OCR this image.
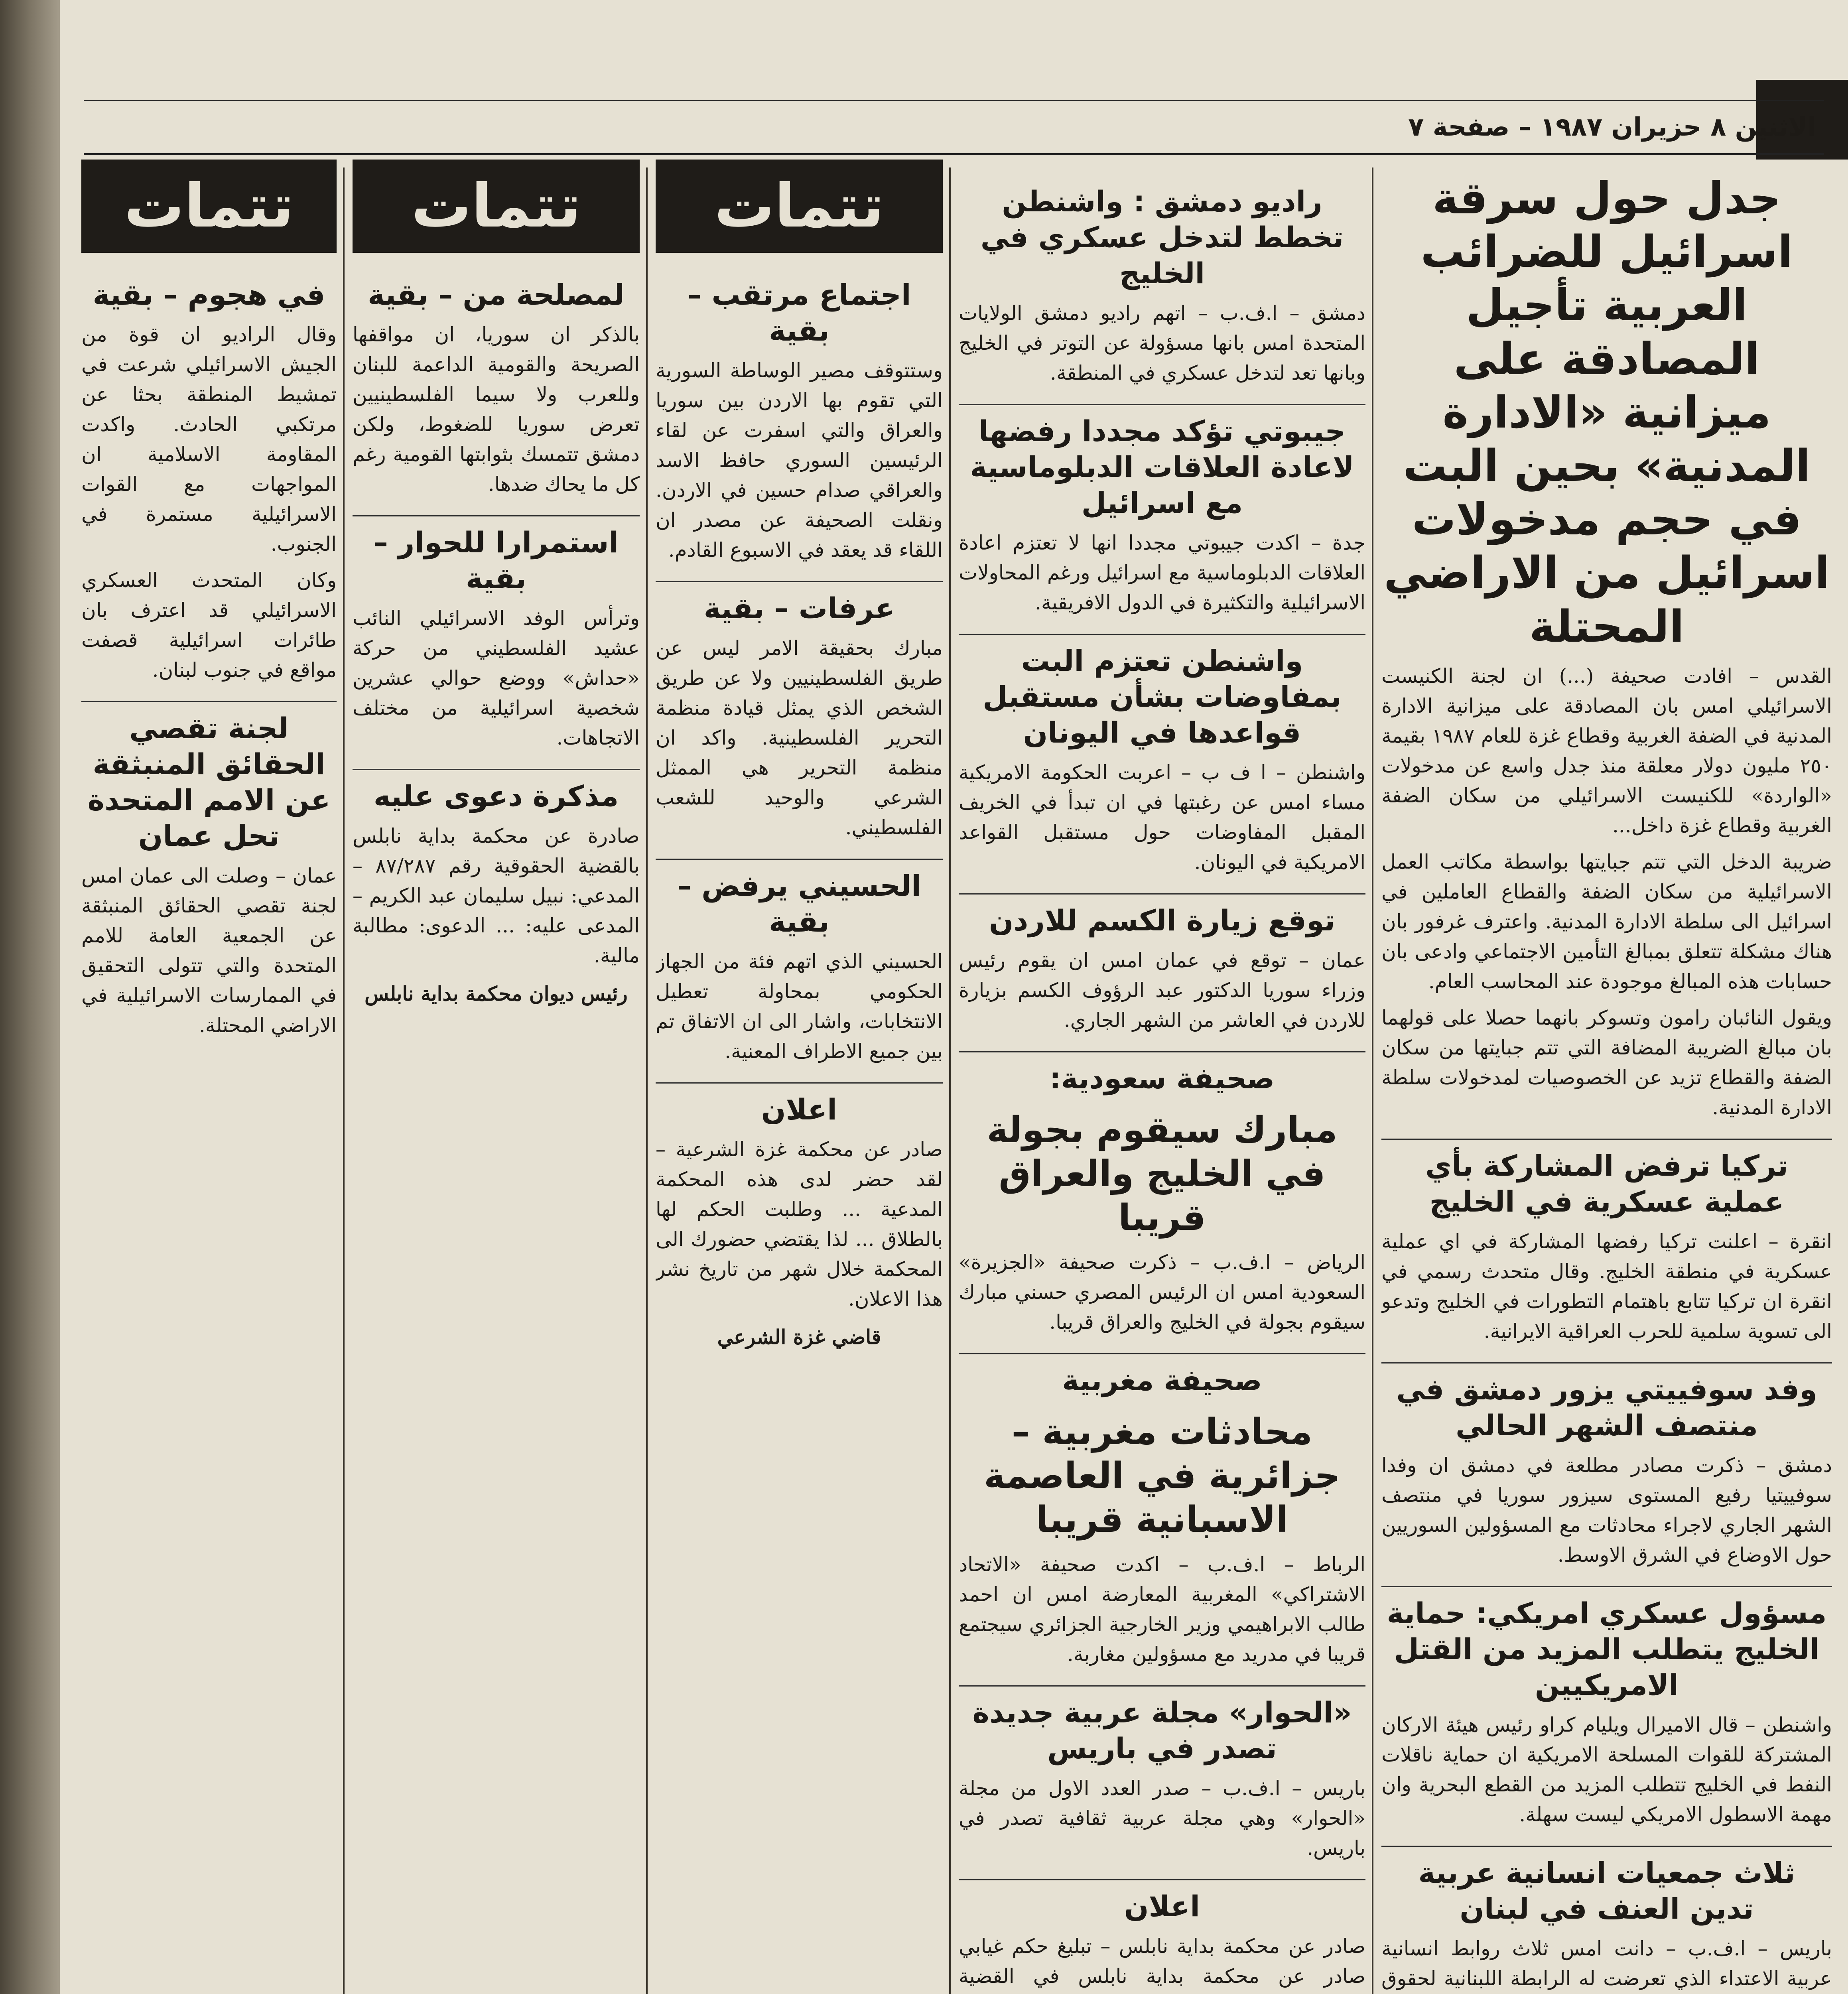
الاثنين ٨ حزيران ١٩٨٧ – صفحة ٧
جدل حول سرقة اسرائيل للضرائب العربية تأجيل المصادقة على ميزانية «الادارة المدنية» بحين البت في حجم مدخولات اسرائيل من الاراضي المحتلة

القدس – افادت صحيفة (...) ان لجنة الكنيست الاسرائيلي امس بان المصادقة على ميزانية الادارة المدنية في الضفة الغربية وقطاع غزة للعام ١٩٨٧ بقيمة ٢٥٠ مليون دولار معلقة منذ جدل واسع عن مدخولات «الواردة» للكنيست الاسرائيلي من سكان الضفة الغربية وقطاع غزة داخل...

ضريبة الدخل التي تتم جبايتها بواسطة مكاتب العمل الاسرائيلية من سكان الضفة والقطاع العاملين في اسرائيل الى سلطة الادارة المدنية. واعترف غرفور بان هناك مشكلة تتعلق بمبالغ التأمين الاجتماعي وادعى بان حسابات هذه المبالغ موجودة عند المحاسب العام.

ويقول النائبان رامون وتسوكر بانهما حصلا على قولهما بان مبالغ الضريبة المضافة التي تتم جبايتها من سكان الضفة والقطاع تزيد عن الخصوصيات لمدخولات سلطة الادارة المدنية.

تركيا ترفض المشاركة بأي عملية عسكرية في الخليج

انقرة – اعلنت تركيا رفضها المشاركة في اي عملية عسكرية في منطقة الخليج. وقال متحدث رسمي في انقرة ان تركيا تتابع باهتمام التطورات في الخليج وتدعو الى تسوية سلمية للحرب العراقية الايرانية.

وفد سوفييتي يزور دمشق في منتصف الشهر الحالي

دمشق – ذكرت مصادر مطلعة في دمشق ان وفدا سوفييتيا رفيع المستوى سيزور سوريا في منتصف الشهر الجاري لاجراء محادثات مع المسؤولين السوريين حول الاوضاع في الشرق الاوسط.

مسؤول عسكري امريكي: حماية الخليج يتطلب المزيد من القتل الامريكيين

واشنطن – قال الاميرال ويليام كراو رئيس هيئة الاركان المشتركة للقوات المسلحة الامريكية ان حماية ناقلات النفط في الخليج تتطلب المزيد من القطع البحرية وان مهمة الاسطول الامريكي ليست سهلة.

ثلاث جمعيات انسانية عربية تدين العنف في لبنان

باريس – ا.ف.ب – دانت امس ثلاث روابط انسانية عربية الاعتداء الذي تعرضت له الرابطة اللبنانية لحقوق

راديو دمشق : واشنطن تخطط لتدخل عسكري في الخليج

دمشق – ا.ف.ب – اتهم راديو دمشق الولايات المتحدة امس بانها مسؤولة عن التوتر في الخليج وبانها تعد لتدخل عسكري في المنطقة.

جيبوتي تؤكد مجددا رفضها لاعادة العلاقات الدبلوماسية مع اسرائيل

جدة – اكدت جيبوتي مجددا انها لا تعتزم اعادة العلاقات الدبلوماسية مع اسرائيل ورغم المحاولات الاسرائيلية والتكثيرة في الدول الافريقية.

واشنطن تعتزم البت بمفاوضات بشأن مستقبل قواعدها في اليونان

واشنطن – ا ف ب – اعربت الحكومة الامريكية مساء امس عن رغبتها في ان تبدأ في الخريف المقبل المفاوضات حول مستقبل القواعد الامريكية في اليونان.

توقع زيارة الكسم للاردن

عمان – توقع في عمان امس ان يقوم رئيس وزراء سوريا الدكتور عبد الرؤوف الكسم بزيارة للاردن في العاشر من الشهر الجاري.

صحيفة سعودية:
مبارك سيقوم بجولة في الخليج والعراق قريبا

الرياض – ا.ف.ب – ذكرت صحيفة «الجزيرة» السعودية امس ان الرئيس المصري حسني مبارك سيقوم بجولة في الخليج والعراق قريبا.

صحيفة مغربية
محادثات مغربية – جزائرية في العاصمة الاسبانية قريبا

الرباط – ا.ف.ب – اكدت صحيفة «الاتحاد الاشتراكي» المغربية المعارضة امس ان احمد طالب الابراهيمي وزير الخارجية الجزائري سيجتمع قريبا في مدريد مع مسؤولين مغاربة.

«الحوار» مجلة عربية جديدة تصدر في باريس

باريس – ا.ف.ب – صدر العدد الاول من مجلة «الحوار» وهي مجلة عربية ثقافية تصدر في باريس.

اعلان

صادر عن محكمة بداية نابلس – تبليغ حكم غيابي صادر عن محكمة بداية نابلس في القضية

تتمات
اجتماع مرتقب – بقية

وستتوقف مصير الوساطة السورية التي تقوم بها الاردن بين سوريا والعراق والتي اسفرت عن لقاء الرئيسين السوري حافظ الاسد والعراقي صدام حسين في الاردن. ونقلت الصحيفة عن مصدر ان اللقاء قد يعقد في الاسبوع القادم.

عرفات – بقية

مبارك بحقيقة الامر ليس عن طريق الفلسطينيين ولا عن طريق الشخص الذي يمثل قيادة منظمة التحرير الفلسطينية. واكد ان منظمة التحرير هي الممثل الشرعي والوحيد للشعب الفلسطيني.

الحسيني يرفض – بقية

الحسيني الذي اتهم فئة من الجهاز الحكومي بمحاولة تعطيل الانتخابات، واشار الى ان الاتفاق تم بين جميع الاطراف المعنية.

اعلان

صادر عن محكمة غزة الشرعية – لقد حضر لدى هذه المحكمة المدعية ... وطلبت الحكم لها بالطلاق ... لذا يقتضي حضورك الى المحكمة خلال شهر من تاريخ نشر هذا الاعلان.

قاضي غزة الشرعي
تتمات
لمصلحة من – بقية

بالذكر ان سوريا، ان مواقفها الصريحة والقومية الداعمة للبنان وللعرب ولا سيما الفلسطينيين تعرض سوريا للضغوط، ولكن دمشق تتمسك بثوابتها القومية رغم كل ما يحاك ضدها.

استمرارا للحوار – بقية

وترأس الوفد الاسرائيلي النائب عشيد الفلسطيني من حركة «حداش» ووضع حوالي عشرين شخصية اسرائيلية من مختلف الاتجاهات.

مذكرة دعوى عليه

صادرة عن محكمة بداية نابلس بالقضية الحقوقية رقم ٨٧/٢٨٧ – المدعي: نبيل سليمان عبد الكريم – المدعى عليه: ... الدعوى: مطالبة مالية.

رئيس ديوان محكمة بداية نابلس
تتمات
في هجوم – بقية

وقال الراديو ان قوة من الجيش الاسرائيلي شرعت في تمشيط المنطقة بحثا عن مرتكبي الحادث. واكدت المقاومة الاسلامية ان المواجهات مع القوات الاسرائيلية مستمرة في الجنوب.

وكان المتحدث العسكري الاسرائيلي قد اعترف بان طائرات اسرائيلية قصفت مواقع في جنوب لبنان.

لجنة تقصي الحقائق المنبثقة عن الامم المتحدة تحل عمان

عمان – وصلت الى عمان امس لجنة تقصي الحقائق المنبثقة عن الجمعية العامة للامم المتحدة والتي تتولى التحقيق في الممارسات الاسرائيلية في الاراضي المحتلة.
